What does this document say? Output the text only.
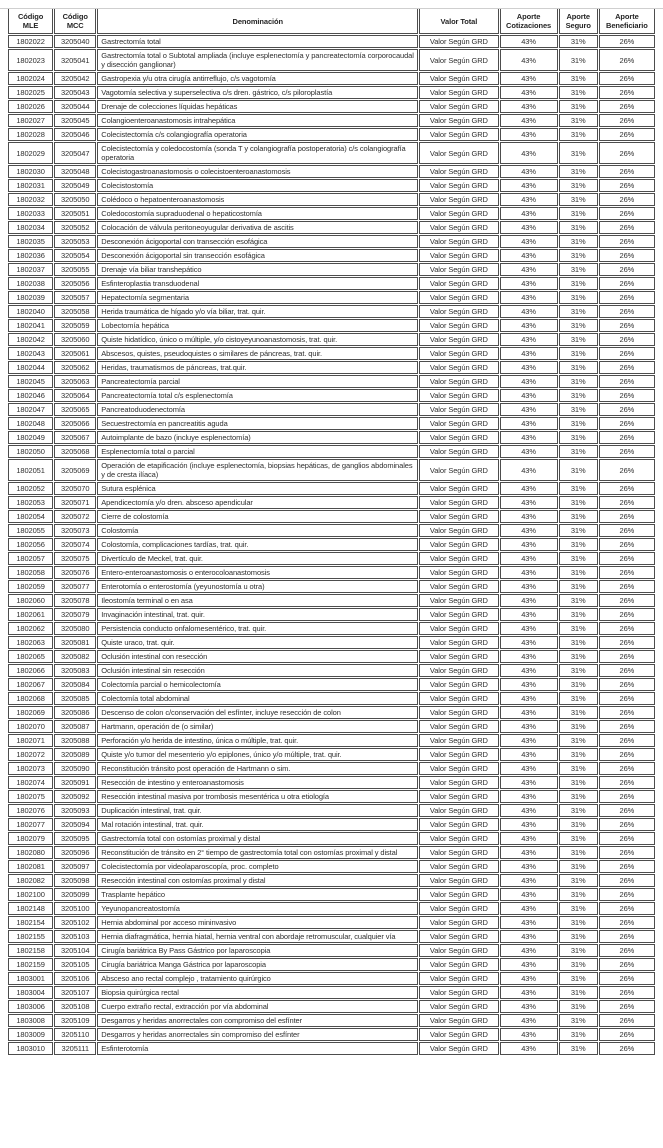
Código MLE	Código MCC	Denominación	Valor Total	Aporte Cotizaciones	Aporte Seguro	Aporte Beneficiario
1802022	3205040	Gastrectomía total	Valor Según GRD	43%	31%	26%
1802023	3205041	Gastrectomía total o Subtotal ampliada (incluye esplenectomía y pancreatectomía corporocaudal y disección ganglionar)	Valor Según GRD	43%	31%	26%
1802024	3205042	Gastropexia y/u otra cirugía antirreflujo, c/s vagotomía	Valor Según GRD	43%	31%	26%
1802025	3205043	Vagotomía selectiva y superselectiva c/s dren. gástrico, c/s piloroplastía	Valor Según GRD	43%	31%	26%
1802026	3205044	Drenaje de colecciones líquidas hepáticas	Valor Según GRD	43%	31%	26%
1802027	3205045	Colangioenteroanastomosis intrahepática	Valor Según GRD	43%	31%	26%
1802028	3205046	Colecistectomía c/s colangiografía operatoria	Valor Según GRD	43%	31%	26%
1802029	3205047	Colecistectomía y coledocostomía (sonda T y colangiografía postoperatoria) c/s colangiografía operatoria	Valor Según GRD	43%	31%	26%
1802030	3205048	Colecistogastroanastomosis o colecistoenteroanastomosis	Valor Según GRD	43%	31%	26%
1802031	3205049	Colecistostomía	Valor Según GRD	43%	31%	26%
1802032	3205050	Colédoco o hepatoenteroanastomosis	Valor Según GRD	43%	31%	26%
1802033	3205051	Coledocostomía supraduodenal o hepaticostomía	Valor Según GRD	43%	31%	26%
1802034	3205052	Colocación de válvula peritoneoyugular derivativa de ascitis	Valor Según GRD	43%	31%	26%
1802035	3205053	Desconexión ácigoportal con transección esofágica	Valor Según GRD	43%	31%	26%
1802036	3205054	Desconexión ácigoportal sin transección esofágica	Valor Según GRD	43%	31%	26%
1802037	3205055	Drenaje vía biliar transhepático	Valor Según GRD	43%	31%	26%
1802038	3205056	Esfinteroplastia transduodenal	Valor Según GRD	43%	31%	26%
1802039	3205057	Hepatectomía segmentaria	Valor Según GRD	43%	31%	26%
1802040	3205058	Herida traumática de hígado y/o vía biliar, trat. quir.	Valor Según GRD	43%	31%	26%
1802041	3205059	Lobectomía hepática	Valor Según GRD	43%	31%	26%
1802042	3205060	Quiste hidatídico, único o múltiple, y/o cistoyeyunoanastomosis, trat. quir.	Valor Según GRD	43%	31%	26%
1802043	3205061	Abscesos, quistes, pseudoquistes o similares de páncreas, trat. quir.	Valor Según GRD	43%	31%	26%
1802044	3205062	Heridas, traumatismos de páncreas, trat.quir.	Valor Según GRD	43%	31%	26%
1802045	3205063	Pancreatectomía parcial	Valor Según GRD	43%	31%	26%
1802046	3205064	Pancreatectomía total c/s esplenectomía	Valor Según GRD	43%	31%	26%
1802047	3205065	Pancreatoduodenectomía	Valor Según GRD	43%	31%	26%
1802048	3205066	Secuestrectomía en pancreatitis aguda	Valor Según GRD	43%	31%	26%
1802049	3205067	Autoimplante de bazo (incluye esplenectomía)	Valor Según GRD	43%	31%	26%
1802050	3205068	Esplenectomía total o parcial	Valor Según GRD	43%	31%	26%
1802051	3205069	Operación de etapificación (incluye esplenectomía, biopsias hepáticas, de ganglios abdominales y de cresta ilíaca)	Valor Según GRD	43%	31%	26%
1802052	3205070	Sutura esplénica	Valor Según GRD	43%	31%	26%
1802053	3205071	Apendicectomía y/o dren. absceso apendicular	Valor Según GRD	43%	31%	26%
1802054	3205072	Cierre de colostomía	Valor Según GRD	43%	31%	26%
1802055	3205073	Colostomía	Valor Según GRD	43%	31%	26%
1802056	3205074	Colostomía, complicaciones tardías, trat. quir.	Valor Según GRD	43%	31%	26%
1802057	3205075	Divertículo de Meckel, trat. quir.	Valor Según GRD	43%	31%	26%
1802058	3205076	Entero-enteroanastomosis o enterocoloanastomosis	Valor Según GRD	43%	31%	26%
1802059	3205077	Enterotomía o enterostomía (yeyunostomía u otra)	Valor Según GRD	43%	31%	26%
1802060	3205078	Ileostomía terminal o en asa	Valor Según GRD	43%	31%	26%
1802061	3205079	Invaginación intestinal, trat. quir.	Valor Según GRD	43%	31%	26%
1802062	3205080	Persistencia conducto onfalomesentérico, trat. quir.	Valor Según GRD	43%	31%	26%
1802063	3205081	Quiste uraco, trat. quir.	Valor Según GRD	43%	31%	26%
1802065	3205082	Oclusión intestinal con resección	Valor Según GRD	43%	31%	26%
1802066	3205083	Oclusión intestinal sin resección	Valor Según GRD	43%	31%	26%
1802067	3205084	Colectomía parcial o hemicolectomía	Valor Según GRD	43%	31%	26%
1802068	3205085	Colectomía total abdominal	Valor Según GRD	43%	31%	26%
1802069	3205086	Descenso de colon c/conservación del esfínter, incluye resección de colon	Valor Según GRD	43%	31%	26%
1802070	3205087	Hartmann, operación de (o similar)	Valor Según GRD	43%	31%	26%
1802071	3205088	Perforación y/o herida de intestino, única o múltiple, trat. quir.	Valor Según GRD	43%	31%	26%
1802072	3205089	Quiste y/o tumor del mesenterio y/o epiplones, único y/o múltiple, trat. quir.	Valor Según GRD	43%	31%	26%
1802073	3205090	Reconstitución tránsito post operación de Hartmann o sim.	Valor Según GRD	43%	31%	26%
1802074	3205091	Resección de intestino y enteroanastomosis	Valor Según GRD	43%	31%	26%
1802075	3205092	Resección intestinal masiva por trombosis mesentérica u otra etiología	Valor Según GRD	43%	31%	26%
1802076	3205093	Duplicación intestinal, trat. quir.	Valor Según GRD	43%	31%	26%
1802077	3205094	Mal rotación intestinal, trat. quir.	Valor Según GRD	43%	31%	26%
1802079	3205095	Gastrectomía total con ostomías proximal y distal	Valor Según GRD	43%	31%	26%
1802080	3205096	Reconstitución de tránsito en 2° tiempo de gastrectomía total con ostomías proximal y distal	Valor Según GRD	43%	31%	26%
1802081	3205097	Colecistectomía por videolaparoscopía, proc. completo	Valor Según GRD	43%	31%	26%
1802082	3205098	Resección intestinal con ostomías proximal y distal	Valor Según GRD	43%	31%	26%
1802100	3205099	Trasplante hepático	Valor Según GRD	43%	31%	26%
1802148	3205100	Yeyunopancreatostomía	Valor Según GRD	43%	31%	26%
1802154	3205102	Hernia abdominal por acceso mininvasivo	Valor Según GRD	43%	31%	26%
1802155	3205103	Hernia diafragmática, hernia hiatal, hernia ventral con abordaje retromuscular, cualquier vía	Valor Según GRD	43%	31%	26%
1802158	3205104	Cirugía bariátrica By Pass Gástrico por laparoscopia	Valor Según GRD	43%	31%	26%
1802159	3205105	Cirugía bariátrica Manga Gástrica por laparoscopia	Valor Según GRD	43%	31%	26%
1803001	3205106	Absceso ano rectal complejo , tratamiento quirúrgico	Valor Según GRD	43%	31%	26%
1803004	3205107	Biopsia quirúrgica rectal	Valor Según GRD	43%	31%	26%
1803006	3205108	Cuerpo extraño rectal, extracción por vía abdominal	Valor Según GRD	43%	31%	26%
1803008	3205109	Desgarros y heridas anorrectales con compromiso del esfínter	Valor Según GRD	43%	31%	26%
1803009	3205110	Desgarros y heridas anorrectales sin compromiso del esfínter	Valor Según GRD	43%	31%	26%
1803010	3205111	Esfinterotomía	Valor Según GRD	43%	31%	26%
